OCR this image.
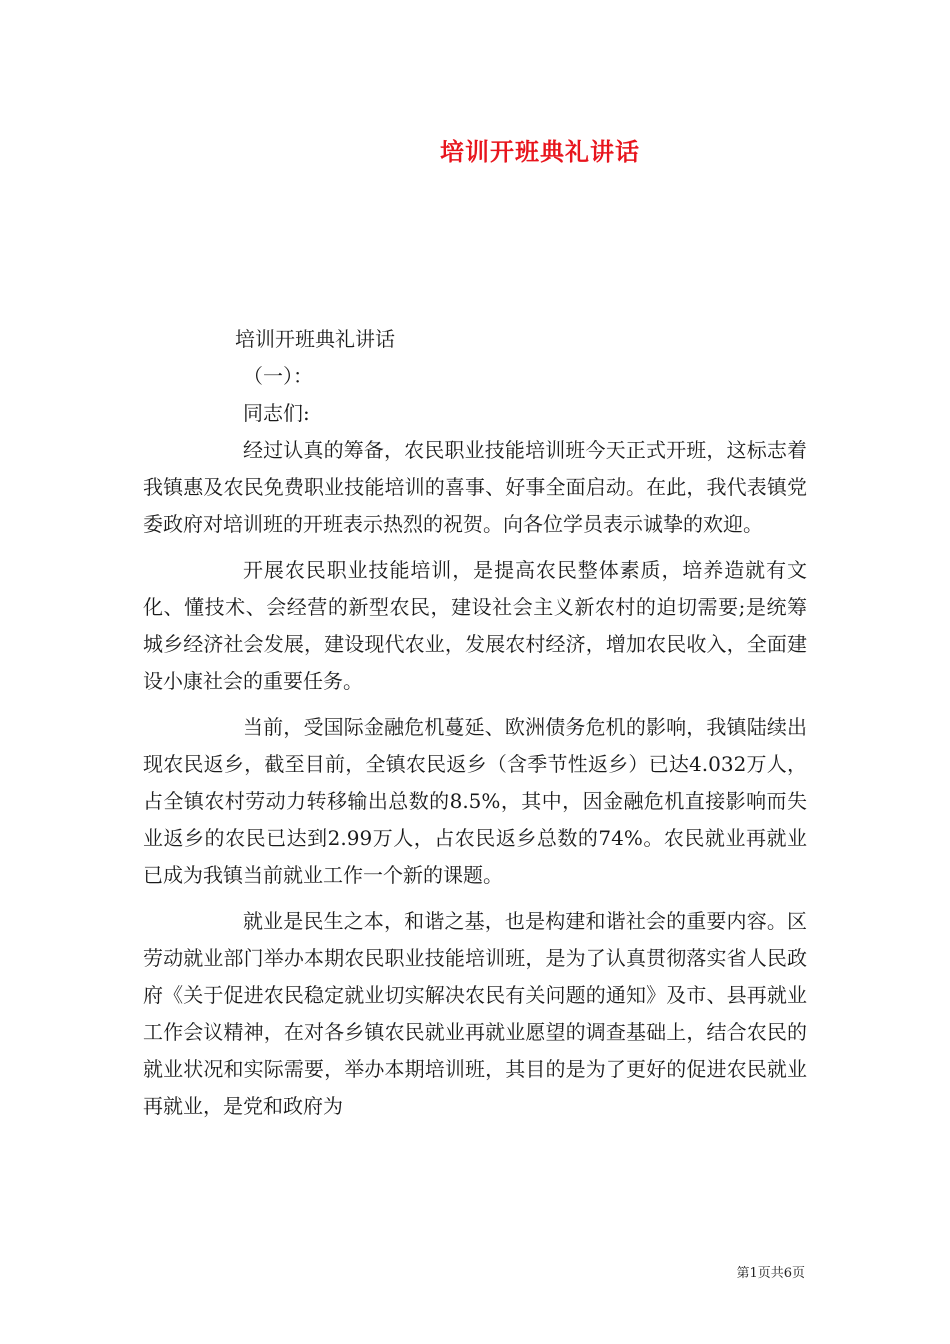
培训开班典礼讲话

培训开班典礼讲话

（一）：

同志们:

经过认真的筹备，农民职业技能培训班今天正式开班，这标志着我镇惠及农民免费职业技能培训的喜事、好事全面启动。在此，我代表镇党委政府对培训班的开班表示热烈的祝贺。向各位学员表示诚挚的欢迎。

开展农民职业技能培训，是提高农民整体素质，培养造就有文化、懂技术、会经营的新型农民，建设社会主义新农村的迫切需要;是统筹城乡经济社会发展，建设现代农业，发展农村经济，增加农民收入，全面建设小康社会的重要任务。

当前，受国际金融危机蔓延、欧洲债务危机的影响，我镇陆续出现农民返乡，截至目前，全镇农民返乡（含季节性返乡）已达4.032万人，占全镇农村劳动力转移输出总数的8.5%，其中，因金融危机直接影响而失业返乡的农民已达到2.99万人，占农民返乡总数的74%。农民就业再就业已成为我镇当前就业工作一个新的课题。

就业是民生之本，和谐之基，也是构建和谐社会的重要内容。区劳动就业部门举办本期农民职业技能培训班，是为了认真贯彻落实省人民政府《关于促进农民稳定就业切实解决农民有关问题的通知》及市、县再就业工作会议精神，在对各乡镇农民就业再就业愿望的调查基础上，结合农民的就业状况和实际需要，举办本期培训班，其目的是为了更好的促进农民就业再就业，是党和政府为

第1页共6页
